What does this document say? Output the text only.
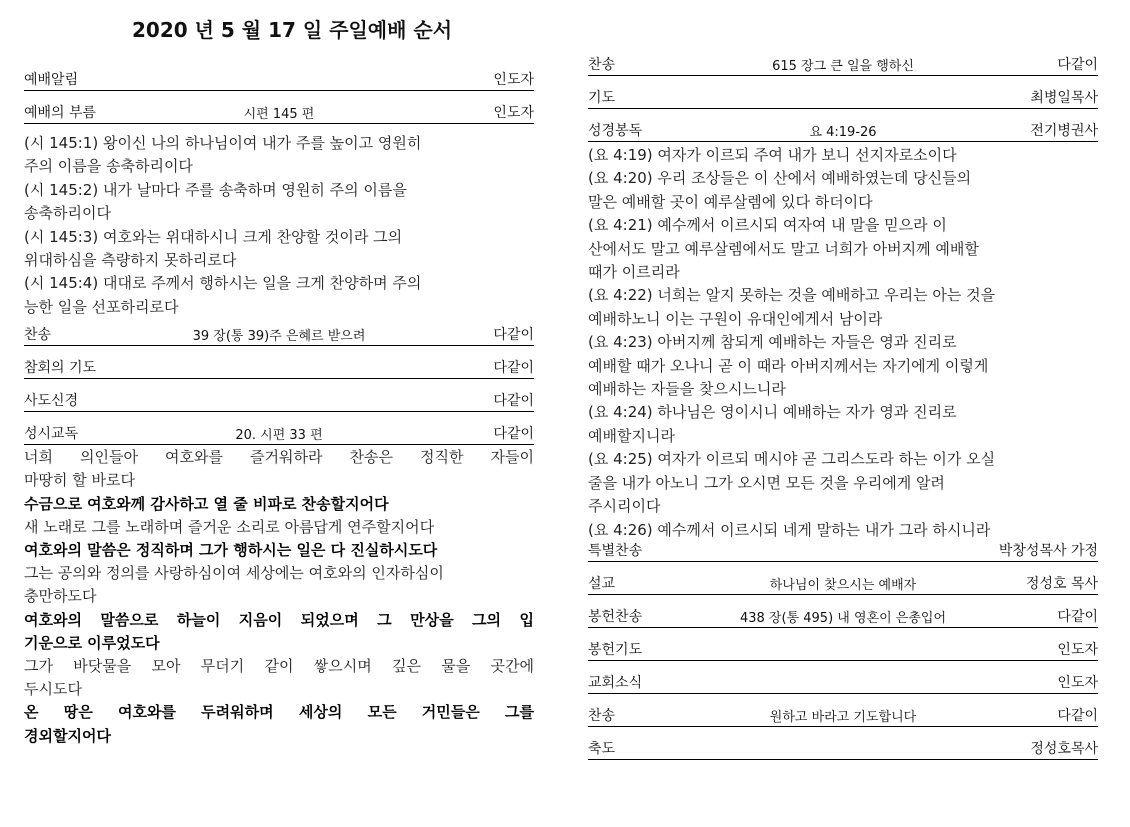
2020 년 5 월 17 일 주일예배 순서
예배알림	인도자
예배의 부름	시편 145 편	인도자
(시 145:1) 왕이신 나의 하나님이여 내가 주를 높이고 영원히
주의 이름을 송축하리이다
(시 145:2) 내가 날마다 주를 송축하며 영원히 주의 이름을
송축하리이다
(시 145:3) 여호와는 위대하시니 크게 찬양할 것이라 그의
위대하심을 측량하지 못하리로다
(시 145:4) 대대로 주께서 행하시는 일을 크게 찬양하며 주의
능한 일을 선포하리로다
찬송	39 장(통 39)주 은혜르 받으려	다같이
참회의 기도	다같이
사도신경	다같이
성시교독	20. 시편 33 편	다같이
너희 의인들아 여호와를 즐거워하라 찬송은 정직한 자들이
마땅히 할 바로다
수금으로 여호와께 감사하고 열 줄 비파로 찬송할지어다
새 노래로 그를 노래하며 즐거운 소리로 아름답게 연주할지어다
여호와의 말씀은 정직하며 그가 행하시는 일은 다 진실하시도다
그는 공의와 정의를 사랑하심이여 세상에는 여호와의 인자하심이
충만하도다
여호와의 말씀으로 하늘이 지음이 되었으며 그 만상을 그의 입
기운으로 이루었도다
그가 바닷물을 모아 무더기 같이 쌓으시며 깊은 물을 곳간에
두시도다
온 땅은 여호와를 두려워하며 세상의 모든 거민들은 그를
경외할지어다
찬송	615 장그 큰 일을 행하신	다같이
기도	최병일목사
성경봉독	요 4:19-26	전기병권사
(요 4:19) 여자가 이르되 주여 내가 보니 선지자로소이다
(요 4:20) 우리 조상들은 이 산에서 예배하였는데 당신들의
말은 예배할 곳이 예루살렘에 있다 하더이다
(요 4:21) 예수께서 이르시되 여자여 내 말을 믿으라 이
산에서도 말고 예루살렘에서도 말고 너희가 아버지께 예배할
때가 이르리라
(요 4:22) 너희는 알지 못하는 것을 예배하고 우리는 아는 것을
예배하노니 이는 구원이 유대인에게서 남이라
(요 4:23) 아버지께 참되게 예배하는 자들은 영과 진리로
예배할 때가 오나니 곧 이 때라 아버지께서는 자기에게 이렇게
예배하는 자들을 찾으시느니라
(요 4:24) 하나님은 영이시니 예배하는 자가 영과 진리로
예배할지니라
(요 4:25) 여자가 이르되 메시야 곧 그리스도라 하는 이가 오실
줄을 내가 아노니 그가 오시면 모든 것을 우리에게 알려
주시리이다
(요 4:26) 예수께서 이르시되 네게 말하는 내가 그라 하시니라
특별찬송	박창성목사 가정
설교	하나님이 찾으시는 예배자	정성호 목사
봉헌찬송	438 장(통 495) 내 영혼이 은총입어	다같이
봉헌기도	인도자
교회소식	인도자
찬송	원하고 바라고 기도합니다	다같이
축도	정성호목사
